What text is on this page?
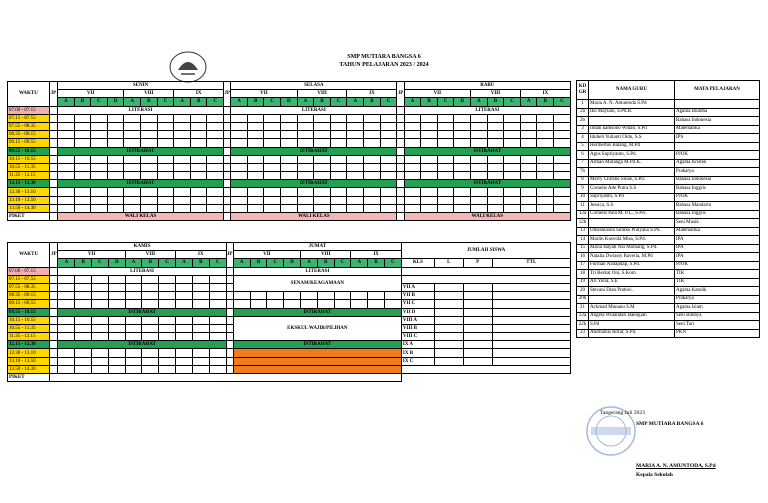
SMP MUTIARA BANGSA 6
TAHUN PELAJARAN 2023 / 2024
WAKTU	JP	SENIN										JP	SELASA										JP	RABU									
		VII				VIII			IX				VII				VIII			IX				VII				VIII			IX		
		A	B	C	D	A	B	C	A	B	C		A	B	C	D	A	B	C	A	B	C		A	B	C	D	A	B	C	A	B	C
07.00 - 07.15		LITERASI											LITERASI											LITERASI									
07.15 - 07.55																																	
07.55 - 08.35																																	
08.35 - 09.15																																	
09.15 - 09.55																																	
09.55 - 10.15		ISTIRAHAT											ISTIRAHAT											ISTIRAHAT									
10.15 - 10.55																																	
10.55 - 11.35																																	
11.35 - 12.15																																	
12.15 - 12.30		ISTIRAHAT											ISTIRAHAT											ISTIRAHAT									
12.30 - 13.10																																	
13.10 - 13.50																																	
13.50 - 14.30																																	
PIKET		WALI KELAS											WALI KELAS											WALI KELAS									
WAKTU	JP	KAMIS										JP	JUMAT										JUMLAH SISWA			
		VII				VIII			IX				VII				VIII			IX						
		A	B	C	D	A	B	C	A	B	C		A	B	C	D	A	B	C	A	B	C	KLS	L	P	TTL
07.00 - 07.15		LITERASI											LITERASI													
07.15 - 07.55													SENAM/KEAGAMAAN													
07.55 - 08.35																							VII A			
08.35 - 09.15																							VII B			
09.15 - 09.55																							VII C			
09.55 - 10.15		ISTIRAHAT											ISTIRAHAT										VII D			
10.15 - 10.55													EKSKUL WAJIB/PILIHAN										VIII A			
10.55 - 11.35																							VIII B			
11.35 - 12.15																							VIII C			
12.15 - 12.30		ISTIRAHAT											ISTIRAHAT										IX A			
12.30 - 13.10																							IX B			
13.10 - 13.50																							IX C			
13.50 - 14.30																										
PIKET																										
KD GR	NAMA GURU	MATA PELAJARAN
1	Maria A. N. Amuntoda S.Pd	
2a	Iko Maylani, S.Pd.B.	Agama Buddha
2b		Bahasa Indonesia
3	Indah kamsono Widan, S.Pd	Matematika
4	Iduheli Yulianti Oido, S.S	IPS
5	Heribertus Balang, M.Pd	
6	Agus Supriyanto, S.Pd.	PJOK
7	Arman Maranga M.Pd.K.	Agama Kristen
7b		Prakarya
8	Merry Christie Sinae, S.Pd.	Bahasa Indonesia
9	Cornelis Ade Putra S.S	Bahasa Inggris
10	Supriyanto, S.Pd	PJOK
11	Jessica, S.S	Bahasa Mandarin
12a	Cornelis Pala M. P.L., S.Pd.	Bahasa Inggris
12b		Seni Musik
13	Omeshinsba Sintike Pratyana S.Pd.	Matematika
14	Marlin Kusvola Misa, S.Pd.	IPA
15	Maria Hayati Nai Momang, S.Pd.	IPA
16	Natalia Dwiasty Raveria, M.Pd	IPA
17	Furman Nadapdap, S.Pd.	PJOK
18	Tri Berkat Oni, S.Kom	TIK
19	Ari Yulia, S.E	TIK
20	Stevani Dian Pratiwi.	Agama Katolik
20b		Prakarya
21	Achmad Munanu S.M	Agama Islam
22a	Angela Wulandari Baengian	Seni Budaya
22b	S.Pd	Seni Tari
23	Andrianus Bofar, S.Pd.	PKN
Tangerang Juli 2023
SMP MUTIARA BANGSA 6
MARIA A. N. AMUNTODA, S.Pd
Kepala Sekolah
